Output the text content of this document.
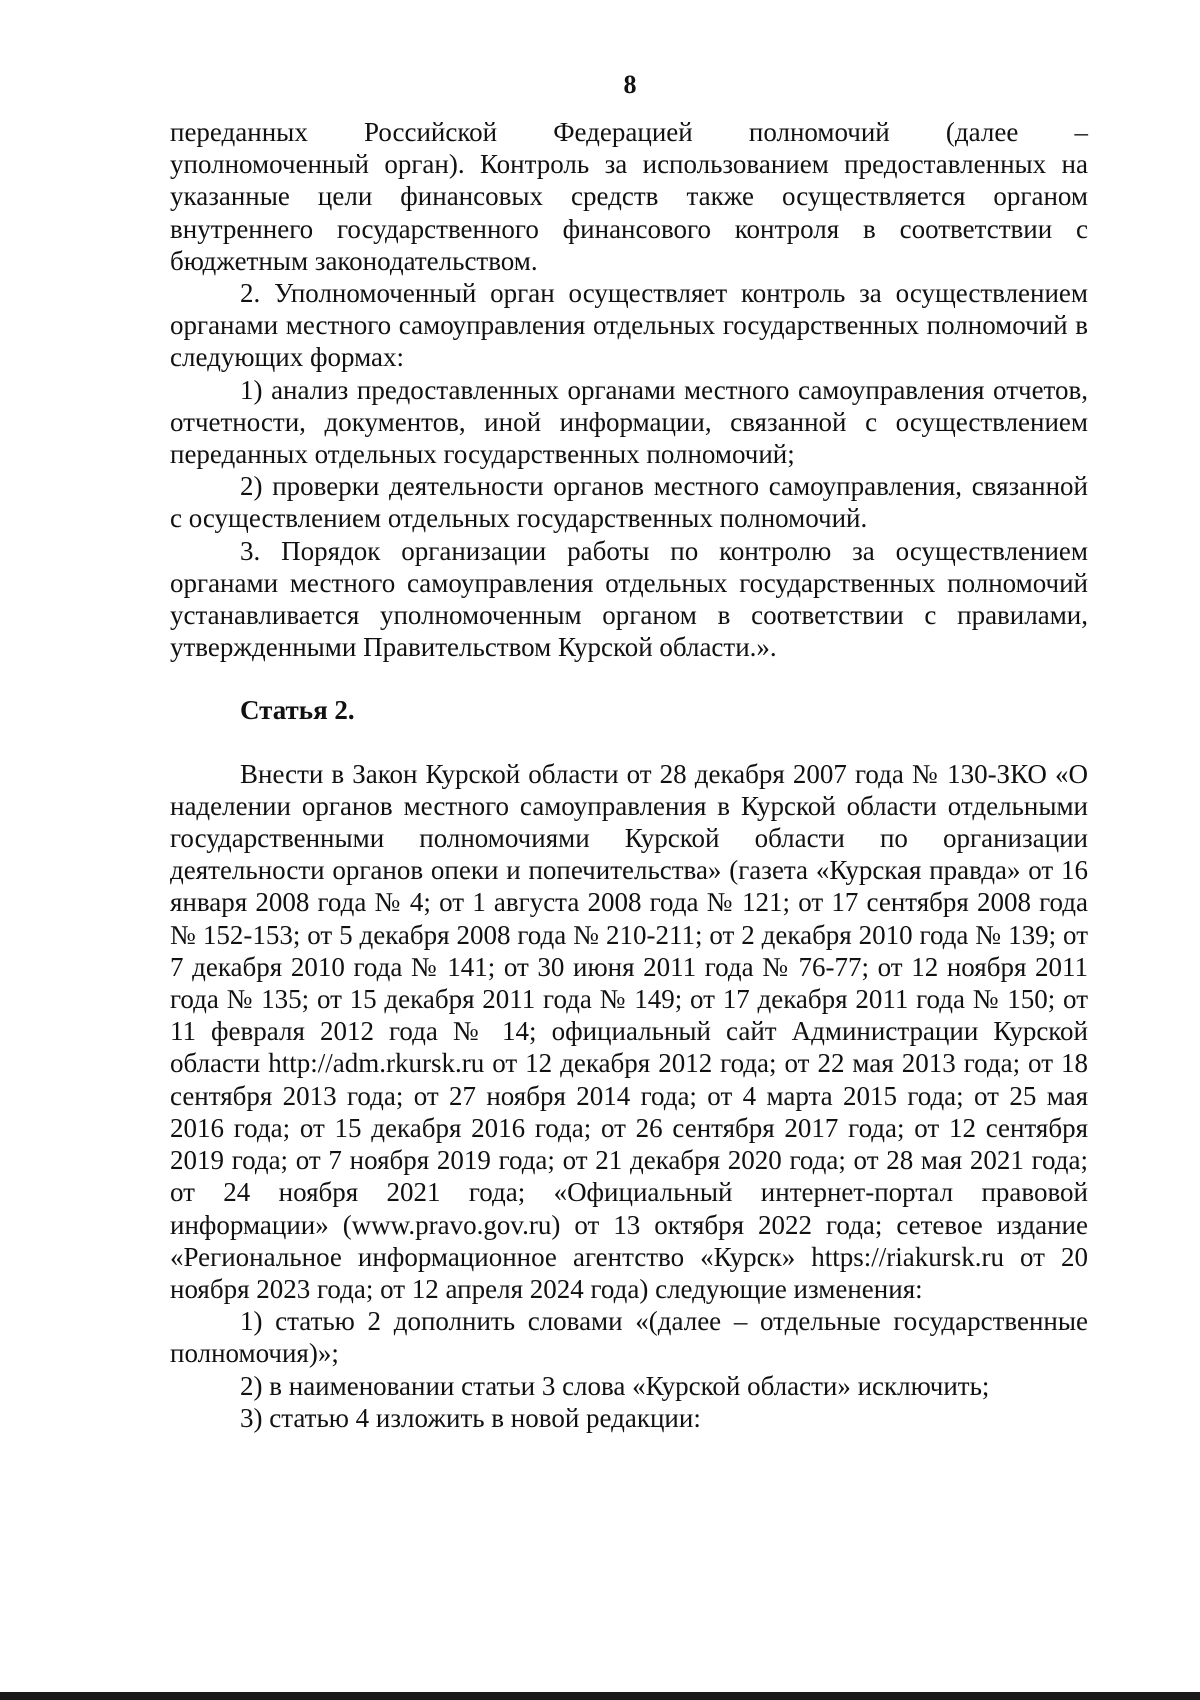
8

переданных Российской Федерацией полномочий (далее –

уполномоченный орган). Контроль за использованием предоставленных на указанные цели финансовых средств также осуществляется органом внутреннего государственного финансового контроля в соответствии с бюджетным законодательством.

2. Уполномоченный орган осуществляет контроль за осуществлением органами местного самоуправления отдельных государственных полномочий в следующих формах:

1) анализ предоставленных органами местного самоуправления отчетов, отчетности, документов, иной информации, связанной с осуществлением переданных отдельных государственных полномочий;

2) проверки деятельности органов местного самоуправления, связанной с осуществлением отдельных государственных полномочий.

3. Порядок организации работы по контролю за осуществлением органами местного самоуправления отдельных государственных полномочий устанавливается уполномоченным органом в соответствии с правилами, утвержденными Правительством Курской области.».

Статья 2.

Внести в Закон Курской области от 28 декабря 2007 года № 130-ЗКО «О наделении органов местного самоуправления в Курской области отдельными государственными полномочиями Курской области по организации деятельности органов опеки и попечительства» (газета «Курская правда» от 16 января 2008 года № 4; от 1 августа 2008 года № 121; от 17 сентября 2008 года № 152-153; от 5 декабря 2008 года № 210-211; от 2 декабря 2010 года № 139; от 7 декабря 2010 года № 141; от 30 июня 2011 года № 76-77; от 12 ноября 2011 года № 135; от 15 декабря 2011 года № 149; от 17 декабря 2011 года № 150; от 11 февраля 2012 года № 14; официальный сайт Администрации Курской области http://adm.rkursk.ru от 12 декабря 2012 года; от 22 мая 2013 года; от 18 сентября 2013 года; от 27 ноября 2014 года; от 4 марта 2015 года; от 25 мая 2016 года; от 15 декабря 2016 года; от 26 сентября 2017 года; от 12 сентября 2019 года; от 7 ноября 2019 года; от 21 декабря 2020 года; от 28 мая 2021 года; от 24 ноября 2021 года; «Официальный интернет-портал правовой информации» (www.pravo.gov.ru) от 13 октября 2022 года; сетевое издание «Региональное информационное агентство «Курск» https://riakursk.ru от 20 ноября 2023 года; от 12 апреля 2024 года) следующие изменения:

1) статью 2 дополнить словами «(далее – отдельные государственные полномочия)»;

2) в наименовании статьи 3 слова «Курской области» исключить;

3) статью 4 изложить в новой редакции:
